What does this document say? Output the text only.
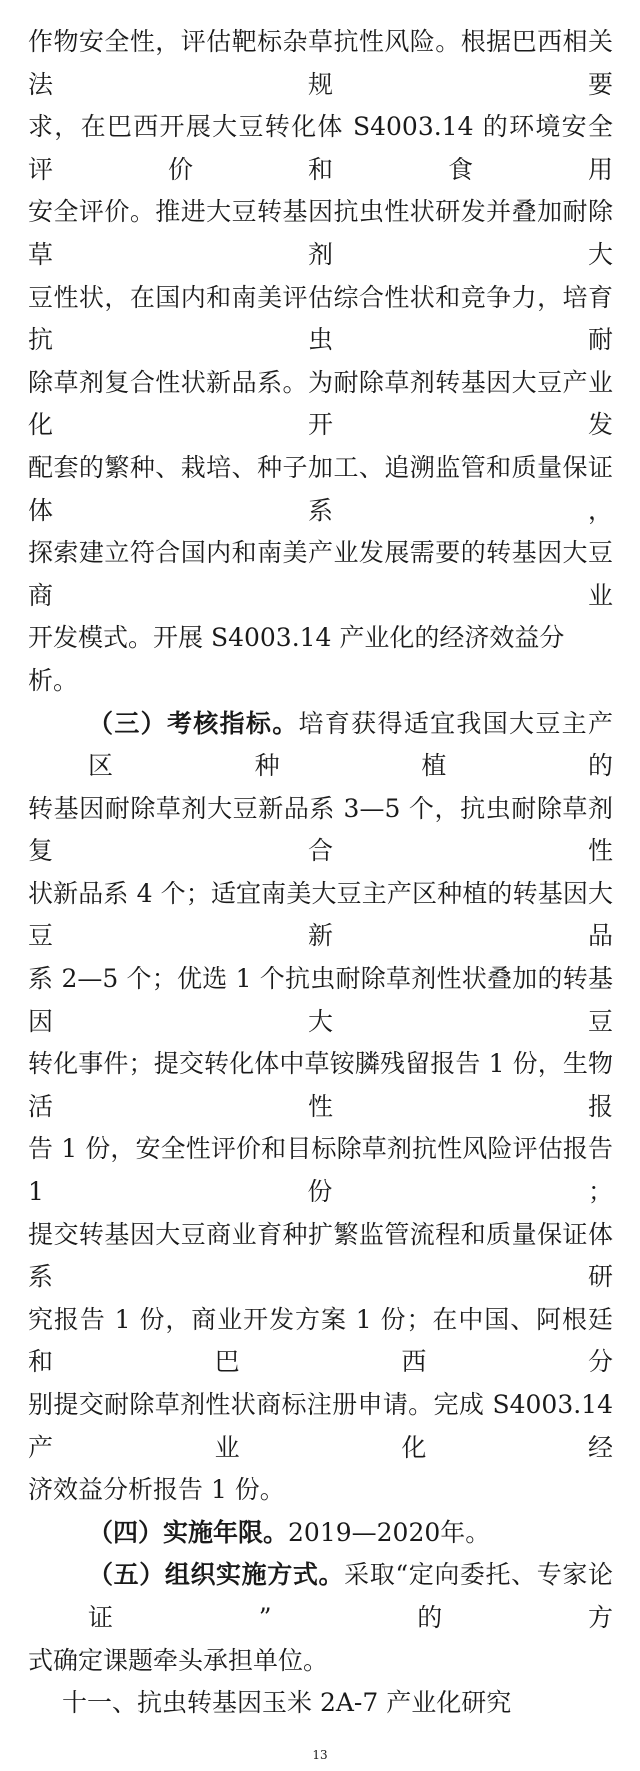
作物安全性，评估靶标杂草抗性风险。根据巴西相关法规要
求，在巴西开展大豆转化体 S4003.14 的环境安全评价和食用
安全评价。推进大豆转基因抗虫性状研发并叠加耐除草剂大
豆性状，在国内和南美评估综合性状和竞争力，培育抗虫耐
除草剂复合性状新品系。为耐除草剂转基因大豆产业化开发
配套的繁种、栽培、种子加工、追溯监管和质量保证体系，
探索建立符合国内和南美产业发展需要的转基因大豆商业
开发模式。开展 S4003.14 产业化的经济效益分析。
（三）考核指标。培育获得适宜我国大豆主产区种植的
转基因耐除草剂大豆新品系 3—5 个，抗虫耐除草剂复合性
状新品系 4 个；适宜南美大豆主产区种植的转基因大豆新品
系 2—5 个；优选 1 个抗虫耐除草剂性状叠加的转基因大豆
转化事件；提交转化体中草铵膦残留报告 1 份，生物活性报
告 1 份，安全性评价和目标除草剂抗性风险评估报告 1 份；
提交转基因大豆商业育种扩繁监管流程和质量保证体系研
究报告 1 份，商业开发方案 1 份；在中国、阿根廷和巴西分
别提交耐除草剂性状商标注册申请。完成 S4003.14 产业化经
济效益分析报告 1 份。
（四）实施年限。2019—2020年。
（五）组织实施方式。采取“定向委托、专家论证”的方
式确定课题牵头承担单位。
十一、抗虫转基因玉米 2A-7 产业化研究
13
